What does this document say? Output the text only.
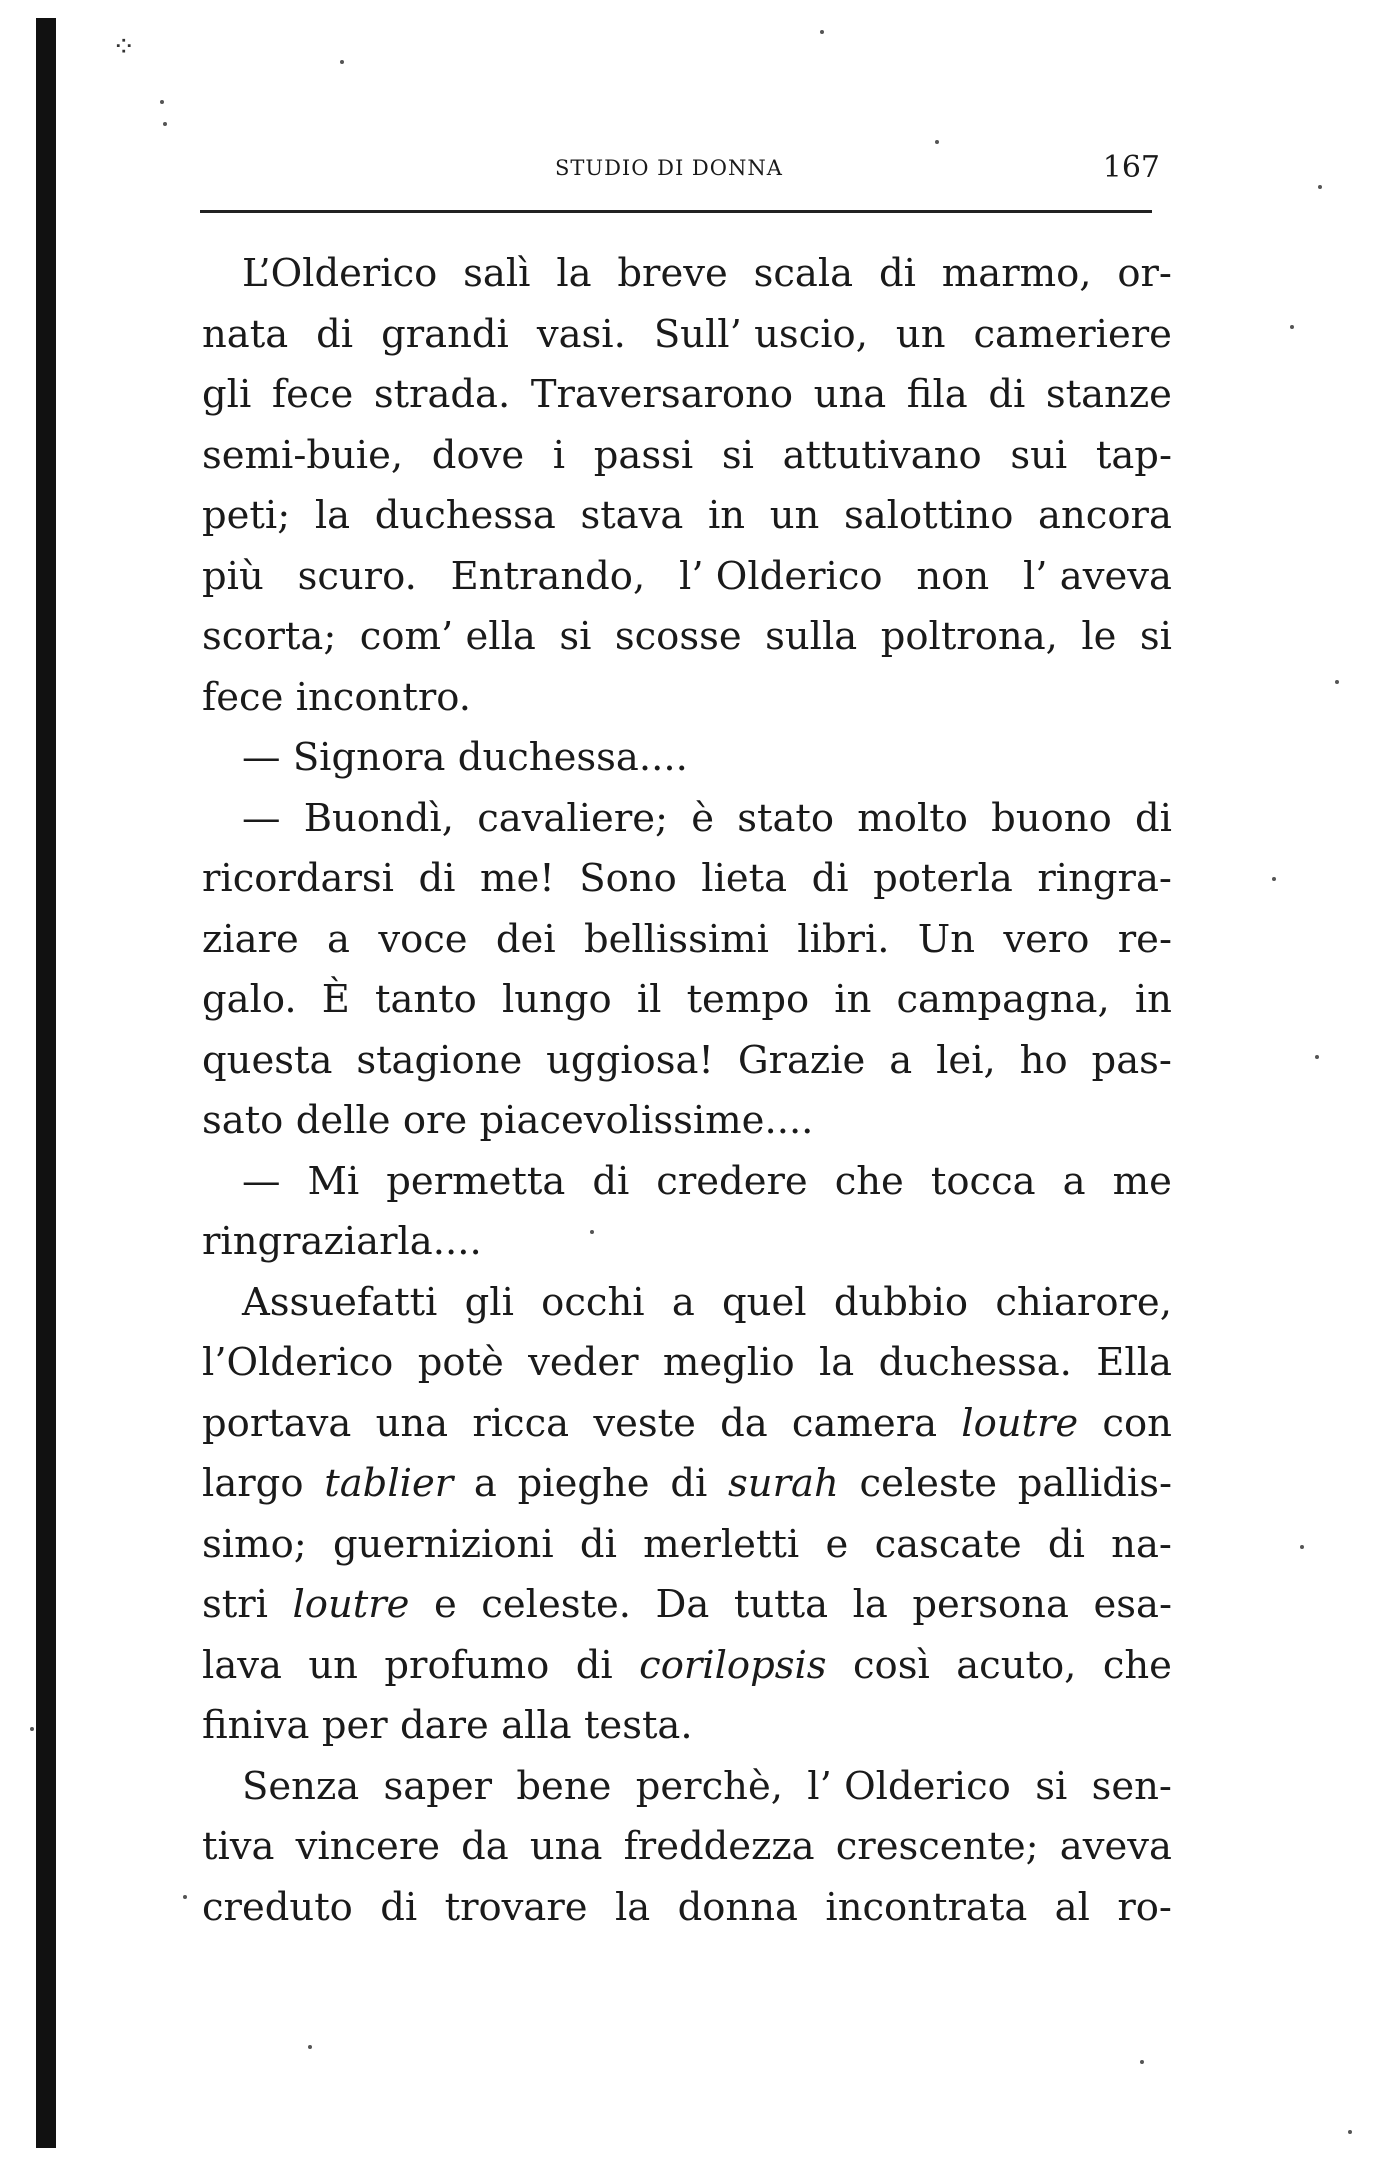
⁘
STUDIO DI DONNA	167
L’Olderico salì la breve scala di marmo, or-
nata di grandi vasi. Sull’ uscio, un cameriere
gli fece strada. Traversarono una fila di stanze
semi-buie, dove i passi si attutivano sui tap-
peti; la duchessa stava in un salottino ancora
più scuro. Entrando, l’ Olderico non l’ aveva
scorta; com’ ella si scosse sulla poltrona, le si
fece incontro.
— Signora duchessa....
— Buondì, cavaliere; è stato molto buono di
ricordarsi di me! Sono lieta di poterla ringra-
ziare a voce dei bellissimi libri. Un vero re-
galo. È tanto lungo il tempo in campagna, in
questa stagione uggiosa! Grazie a lei, ho pas-
sato delle ore piacevolissime....
— Mi permetta di credere che tocca a me
ringraziarla....
Assuefatti gli occhi a quel dubbio chiarore,
l’Olderico potè veder meglio la duchessa. Ella
portava una ricca veste da camera loutre con
largo tablier a pieghe di surah celeste pallidis-
simo; guernizioni di merletti e cascate di na-
stri loutre e celeste. Da tutta la persona esa-
lava un profumo di corilopsis così acuto, che
finiva per dare alla testa.
Senza saper bene perchè, l’ Olderico si sen-
tiva vincere da una freddezza crescente; aveva
creduto di trovare la donna incontrata al ro-
